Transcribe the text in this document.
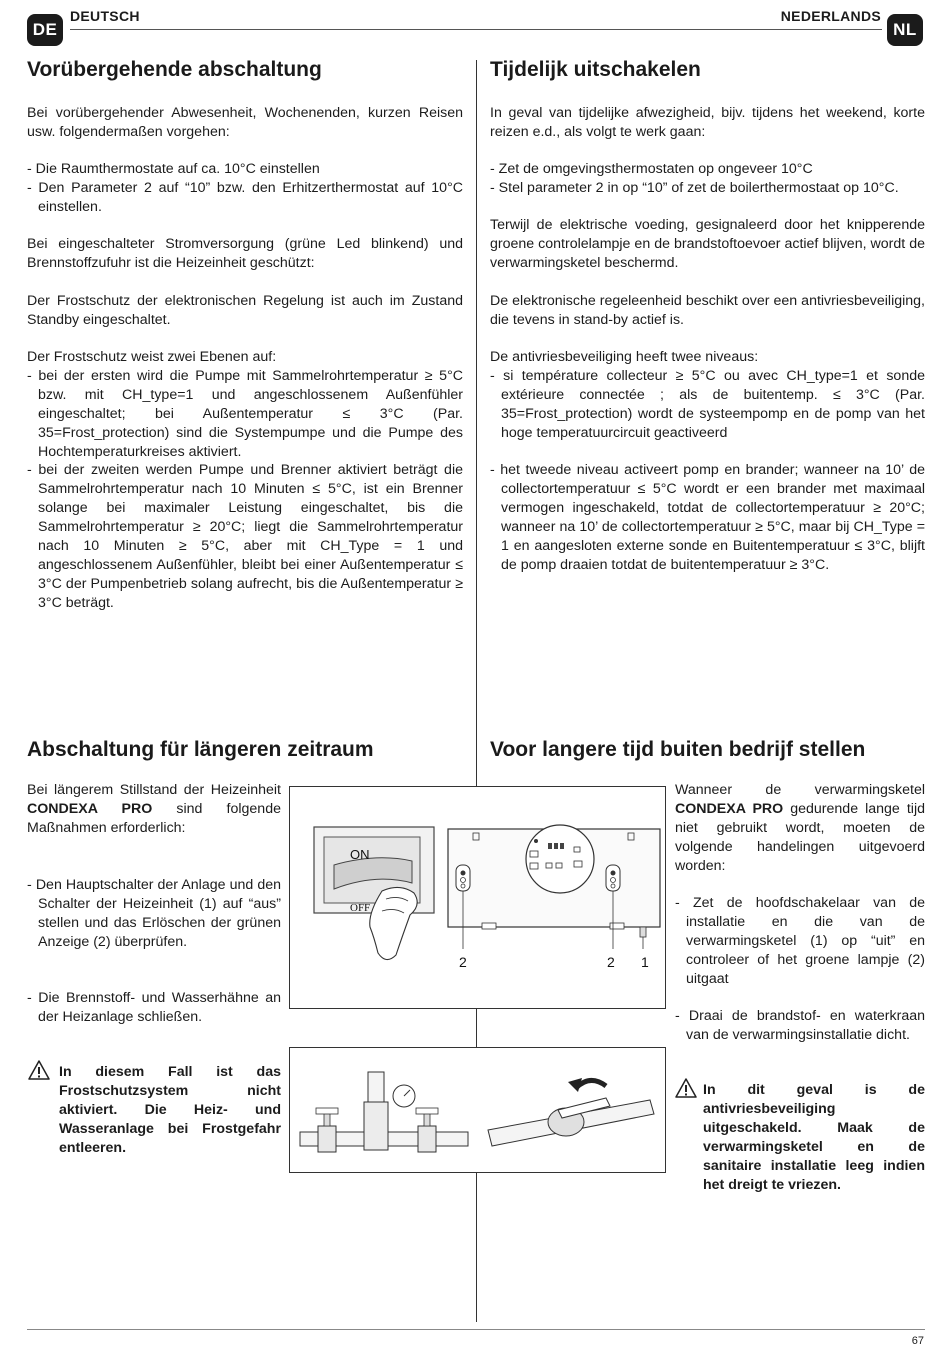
DE
DEUTSCH	NEDERLANDS
NL
Vorübergehende abschaltung

Bei vorübergehender Abwesenheit, Wochenenden, kurzen Reisen usw. folgendermaßen vorgehen:

- Die Raumthermostate auf ca. 10°C einstellen
- Den Parameter 2 auf “10” bzw. den Erhitzerthermostat auf 10°C einstellen.

Bei eingeschalteter Stromversorgung (grüne Led blinkend) und Brennstoffzufuhr ist die Heizeinheit geschützt:

Der Frostschutz der elektronischen Regelung ist auch im Zustand Standby eingeschaltet.

Der Frostschutz weist zwei Ebenen auf:

- bei der ersten wird die Pumpe mit Sammelrohrtemperatur ≥ 5°C bzw. mit CH_type=1 und angeschlossenem Außenfühler eingeschaltet; bei Außentemperatur ≤ 3°C (Par. 35=Frost_protection) sind die Systempumpe und die Pumpe des Hochtemperaturkreises aktiviert.
- bei der zweiten werden Pumpe und Brenner aktiviert beträgt die Sammelrohrtemperatur nach 10 Minuten ≤ 5°C, ist ein Brenner solange bei maximaler Leistung eingeschaltet, bis die Sammelrohrtemperatur ≥ 20°C; liegt die Sammelrohrtemperatur nach 10 Minuten ≥ 5°C, aber mit CH_Type = 1 und angeschlossenem Außenfühler, bleibt bei einer Außentemperatur ≤ 3°C der Pumpenbetrieb solang aufrecht, bis die Außentemperatur ≥ 3°C beträgt.
Tijdelijk uitschakelen

In geval van tijdelijke afwezigheid, bijv. tijdens het weekend, korte reizen e.d., als volgt te werk gaan:

- Zet de omgevingsthermostaten op ongeveer 10°C
- Stel parameter 2 in op “10” of zet de boilerthermostaat op 10°C.

Terwijl de elektrische voeding, gesignaleerd door het knipperende groene controlelampje en de brandstoftoevoer actief blijven, wordt de verwarmingsketel beschermd.

De elektronische regeleenheid beschikt over een antivriesbeveiliging, die tevens in stand-by actief is.

De antivriesbeveiliging heeft twee niveaus:

- si température collecteur ≥ 5°C ou avec CH_type=1 et sonde extérieure connectée ; als de buitentemp. ≤ 3°C (Par. 35=Frost_protection) wordt de systeempomp en de pomp van het hoge temperatuurcircuit geactiveerd
- het tweede niveau activeert pomp en brander; wanneer na 10’ de collectortemperatuur ≤ 5°C wordt er een brander met maximaal vermogen ingeschakeld, totdat de collectortemperatuur ≥ 20°C; wanneer na 10’ de collectortemperatuur ≥ 5°C, maar bij CH_Type = 1 en aangesloten externe sonde en Buitentemperatuur ≤ 3°C, blijft de pomp draaien totdat de buitentemperatuur ≥ 3°C.
Abschaltung für längeren zeitraum	Voor langere tijd buiten bedrijf stellen

Bei längerem Stillstand der Heizeinheit CONDEXA PRO sind folgende Maßnahmen erforderlich:

- Den Hauptschalter der Anlage und den Schalter der Heizeinheit (1) auf “aus” stellen und das Erlöschen der grünen Anzeige (2) überprüfen.
- Die Brennstoff- und Wasserhähne an der Heizanlage schließen.

Wanneer de verwarmingsketel CONDEXA PRO gedurende lange tijd niet gebruikt wordt, moeten de volgende handelingen uitgevoerd worden:

- Zet de hoofdschakelaar van de installatie en die van de verwarmingsketel (1) op “uit” en controleer of het groene lampje (2) uitgaat
- Draai de brandstof- en waterkraan van de verwarmingsinstallatie dicht.
ON
OFF
2	2 1

In diesem Fall ist das Frostschutzsystem nicht aktiviert. Die Heiz- und Wasseranlage bei Frostgefahr entleeren.

In dit geval is de antivriesbeveiliging uitgeschakeld. Maak de verwarmingsketel en de sanitaire installatie leeg indien het dreigt te vriezen.

67
